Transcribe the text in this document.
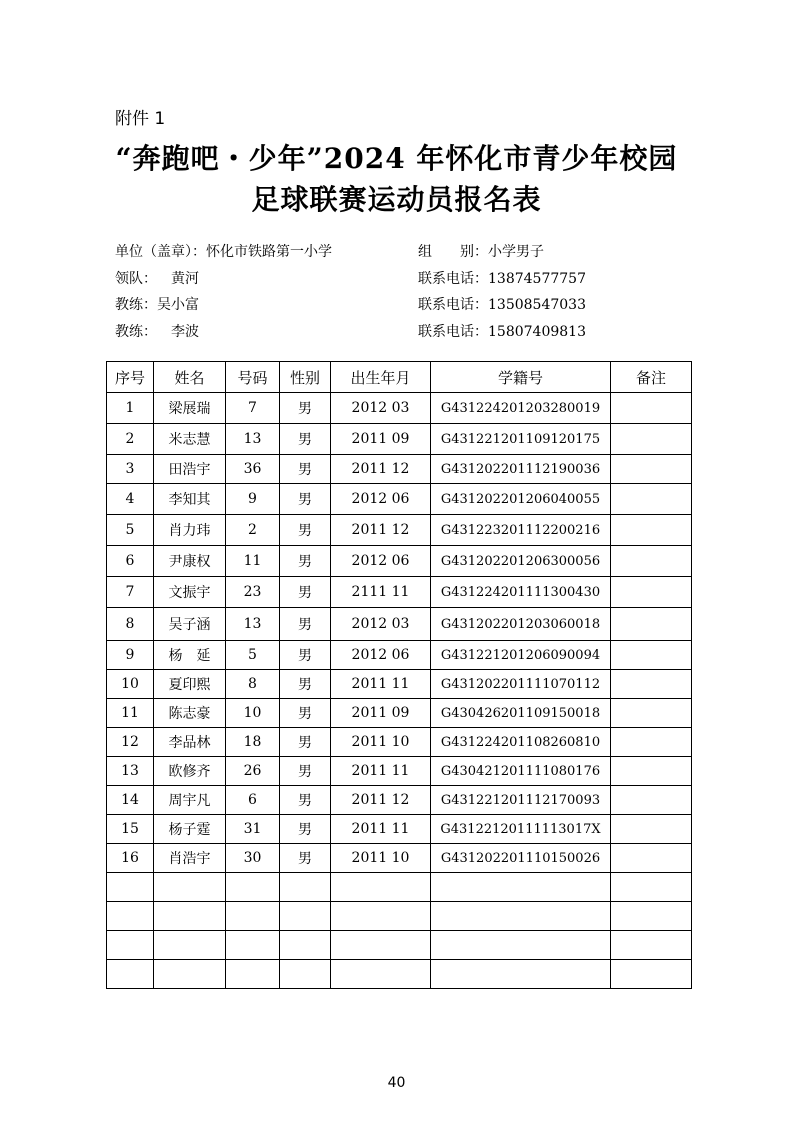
附件 1
“奔跑吧・少年”2024 年怀化市青少年校园
足球联赛运动员报名表
单位（盖章）：怀化市铁路第一小学	组　　别：小学男子
领队： 黄河	联系电话：13874577757
教练：吴小富	联系电话：13508547033
教练： 李波	联系电话：15807409813
序号	姓名	号码	性别	出生年月	学籍号	备注
1	梁展瑞	7	男	2012 03	G431224201203280019	
2	米志慧	13	男	2011 09	G431221201109120175	
3	田浩宇	36	男	2011 12	G431202201112190036	
4	李知其	9	男	2012 06	G431202201206040055	
5	肖力玮	2	男	2011 12	G431223201112200216	
6	尹康权	11	男	2012 06	G431202201206300056	
7	文振宇	23	男	2111 11	G431224201111300430	
8	吴子涵	13	男	2012 03	G431202201203060018	
9	杨　延	5	男	2012 06	G431221201206090094	
10	夏印熙	8	男	2011 11	G431202201111070112	
11	陈志豪	10	男	2011 09	G430426201109150018	
12	李品林	18	男	2011 10	G431224201108260810	
13	欧修齐	26	男	2011 11	G430421201111080176	
14	周宇凡	6	男	2011 12	G431221201112170093	
15	杨子霆	31	男	2011 11	G43122120111113017X	
16	肖浩宇	30	男	2011 10	G431202201110150026	

40
